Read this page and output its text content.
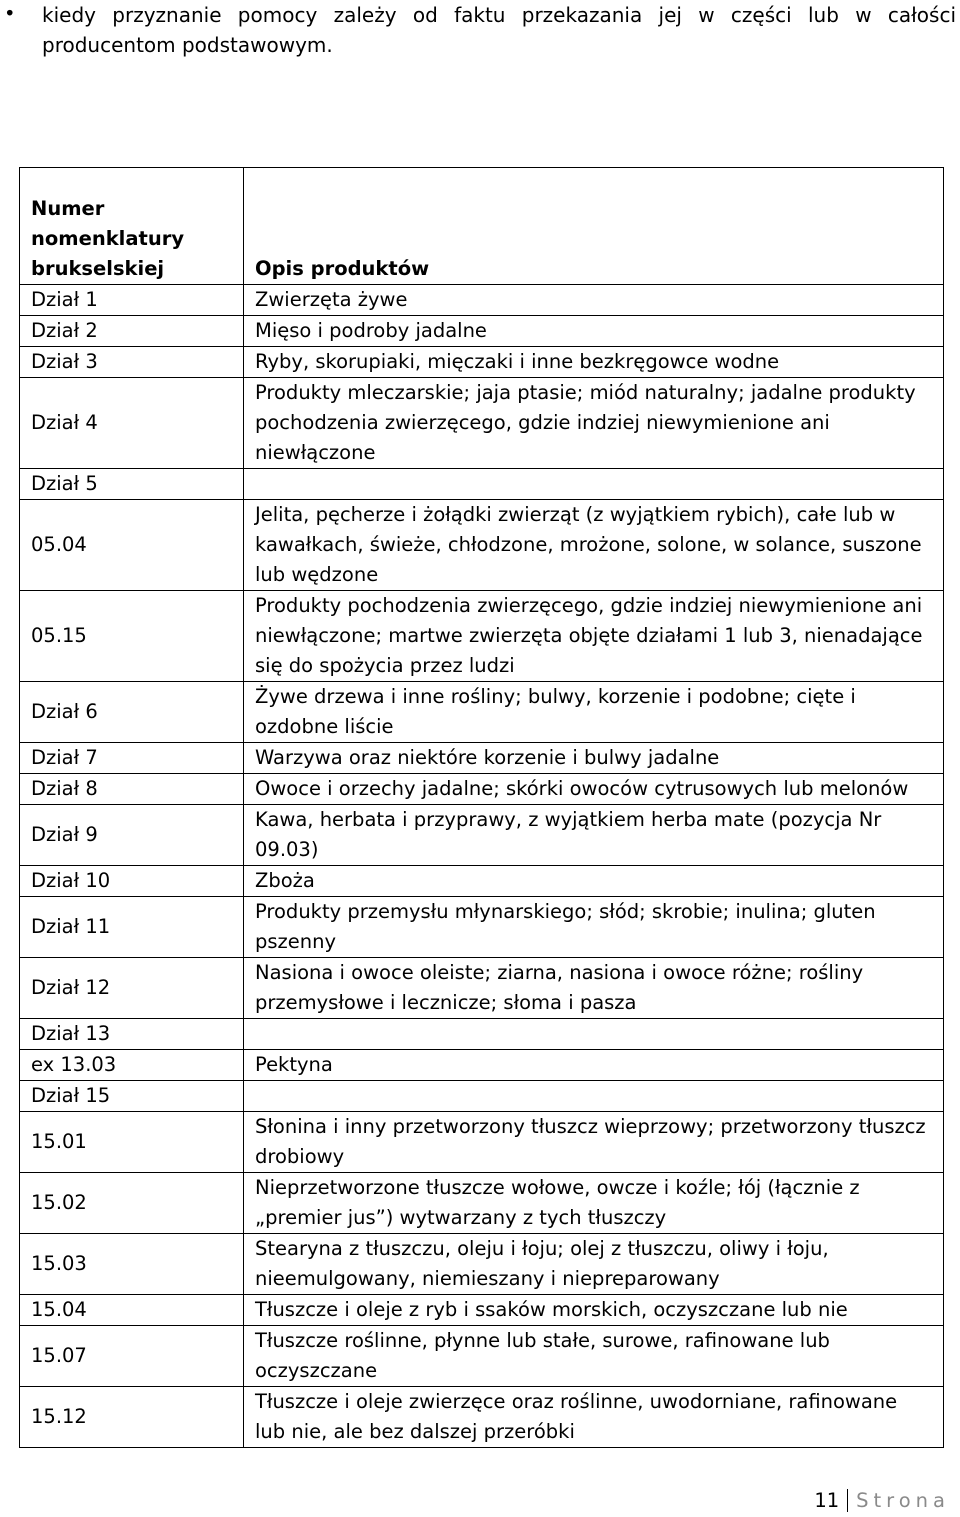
• kiedy przyznanie pomocy zależy od faktu przekazania jej w części lub w całości
producentom podstawowym.
Numer nomenklatury brukselskiej	Opis produktów
Dział 1	Zwierzęta żywe
Dział 2	Mięso i podroby jadalne
Dział 3	Ryby, skorupiaki, mięczaki i inne bezkręgowce wodne
Dział 4	Produkty mleczarskie; jaja ptasie; miód naturalny; jadalne produkty pochodzenia zwierzęcego, gdzie indziej niewymienione ani niewłączone
Dział 5	
05.04	Jelita, pęcherze i żołądki zwierząt (z wyjątkiem rybich), całe lub w kawałkach, świeże, chłodzone, mrożone, solone, w solance, suszone lub wędzone
05.15	Produkty pochodzenia zwierzęcego, gdzie indziej niewymienione ani niewłączone; martwe zwierzęta objęte działami 1 lub 3, nienadające się do spożycia przez ludzi
Dział 6	Żywe drzewa i inne rośliny; bulwy, korzenie i podobne; cięte i ozdobne liście
Dział 7	Warzywa oraz niektóre korzenie i bulwy jadalne
Dział 8	Owoce i orzechy jadalne; skórki owoców cytrusowych lub melonów
Dział 9	Kawa, herbata i przyprawy, z wyjątkiem herba mate (pozycja Nr 09.03)
Dział 10	Zboża
Dział 11	Produkty przemysłu młynarskiego; słód; skrobie; inulina; gluten pszenny
Dział 12	Nasiona i owoce oleiste; ziarna, nasiona i owoce różne; rośliny przemysłowe i lecznicze; słoma i pasza
Dział 13	
ex 13.03	Pektyna
Dział 15	
15.01	Słonina i inny przetworzony tłuszcz wieprzowy; przetworzony tłuszcz drobiowy
15.02	Nieprzetworzone tłuszcze wołowe, owcze i koźle; łój (łącznie z „premier jus”) wytwarzany z tych tłuszczy
15.03	Stearyna z tłuszczu, oleju i łoju; olej z tłuszczu, oliwy i łoju, nieemulgowany, niemieszany i niepreparowany
15.04	Tłuszcze i oleje z ryb i ssaków morskich, oczyszczane lub nie
15.07	Tłuszcze roślinne, płynne lub stałe, surowe, rafinowane lub oczyszczane
15.12	Tłuszcze i oleje zwierzęce oraz roślinne, uwodorniane, rafinowane lub nie, ale bez dalszej przeróbki
11 Strona
